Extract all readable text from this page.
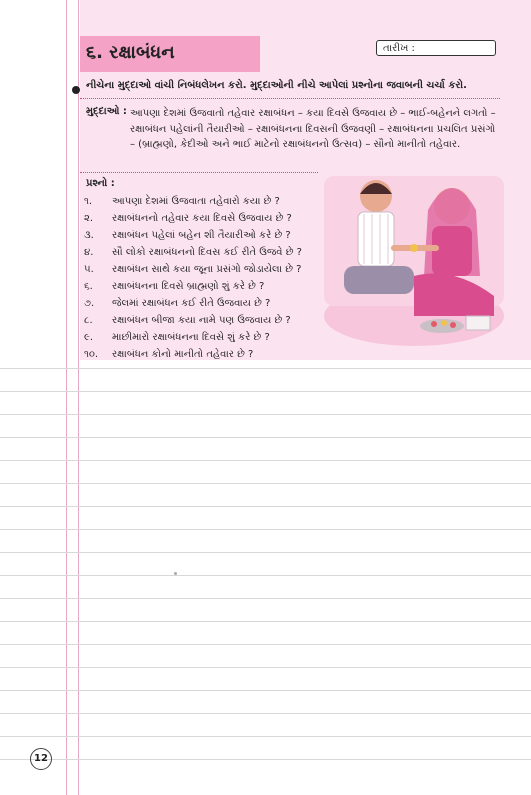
૬. રક્ષાબંધન	તારીખ :
નીચેના મુદ્દાઓ વાંચી નિબંધલેખન કરો. મુદ્દાઓની નીચે આપેલાં પ્રશ્નોના જવાબની ચર્ચા કરો.
મુદ્દાઓ : આપણા દેશમાં ઉજવાતો તહેવાર રક્ષાબંધન – કયા દિવસે ઉજવાય છે – ભાઈ-બહેનને લગતો – રક્ષાબંધન પહેલાંની તૈયારીઓ – રક્ષાબંધનના દિવસની ઉજવણી – રક્ષાબંધનના પ્રચલિત પ્રસંગો – (બ્રાહ્મણો, કેદીઓ અને ભાઈ માટેનો રક્ષાબંધનનો ઉત્સવ) – સૌનો માનીતો તહેવાર.
પ્રશ્નો :
૧.	આપણા દેશમાં ઉજવાતા તહેવારો કયા છે ?
૨.	રક્ષાબંધનનો તહેવાર કયા દિવસે ઉજવાય છે ?
૩.	રક્ષાબંધન પહેલાં બહેન શી તૈયારીઓ કરે છે ?
૪.	સૌ લોકો રક્ષાબંધનનો દિવસ કઈ રીતે ઉજવે છે ?
૫.	રક્ષાબંધન સાથે કયા જૂના પ્રસંગો જોડાયેલા છે ?
૬.	રક્ષાબંધનના દિવસે બ્રાહ્મણો શું કરે છે ?
૭.	જેલમાં રક્ષાબંધન કઈ રીતે ઉજવાય છે ?
૮.	રક્ષાબંધન બીજા કયા નામે પણ ઉજવાય છે ?
૯.	માછીમારો રક્ષાબંધનના દિવસે શું કરે છે ?
૧૦.	રક્ષાબંધન કોનો માનીતો તહેવાર છે ?
12
